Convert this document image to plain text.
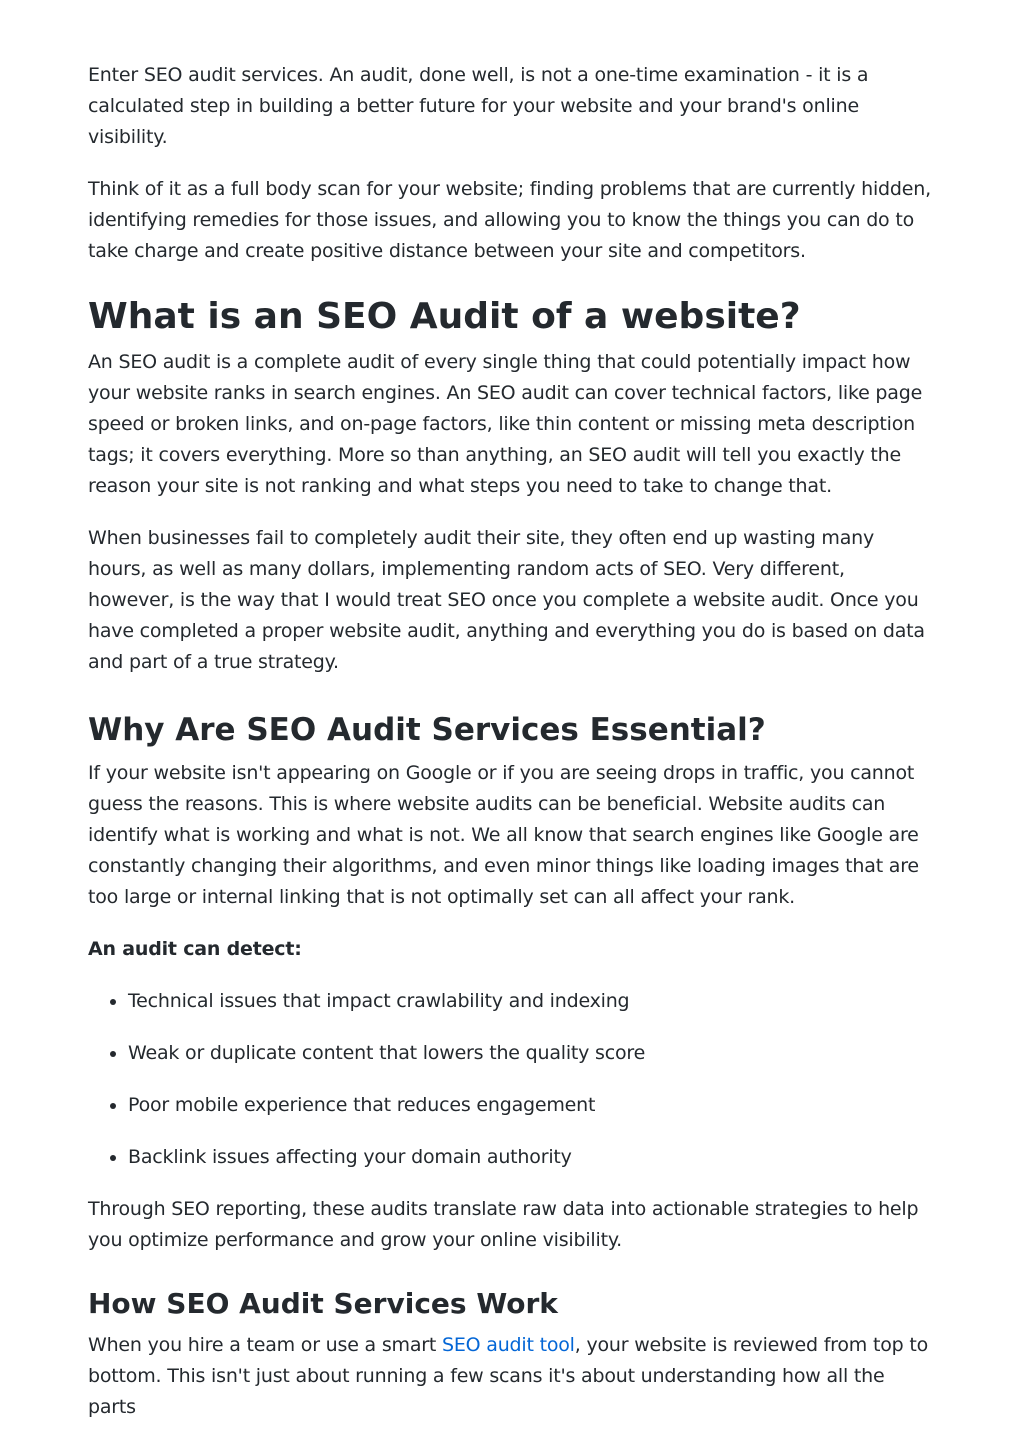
Enter SEO audit services. An audit, done well, is not a one-time examination - it is a calculated step in building a better future for your website and your brand's online visibility.

Think of it as a full body scan for your website; finding problems that are currently hidden, identifying remedies for those issues, and allowing you to know the things you can do to take charge and create positive distance between your site and competitors.

What is an SEO Audit of a website?

An SEO audit is a complete audit of every single thing that could potentially impact how your website ranks in search engines. An SEO audit can cover technical factors, like page speed or broken links, and on-page factors, like thin content or missing meta description tags; it covers everything. More so than anything, an SEO audit will tell you exactly the reason your site is not ranking and what steps you need to take to change that.

When businesses fail to completely audit their site, they often end up wasting many hours, as well as many dollars, implementing random acts of SEO. Very different, however, is the way that I would treat SEO once you complete a website audit. Once you have completed a proper website audit, anything and everything you do is based on data and part of a true strategy.

Why Are SEO Audit Services Essential?

If your website isn't appearing on Google or if you are seeing drops in traffic, you cannot guess the reasons. This is where website audits can be beneficial. Website audits can identify what is working and what is not. We all know that search engines like Google are constantly changing their algorithms, and even minor things like loading images that are too large or internal linking that is not optimally set can all affect your rank.

An audit can detect:

• Technical issues that impact crawlability and indexing
• Weak or duplicate content that lowers the quality score
• Poor mobile experience that reduces engagement
• Backlink issues affecting your domain authority

Through SEO reporting, these audits translate raw data into actionable strategies to help you optimize performance and grow your online visibility.

How SEO Audit Services Work

When you hire a team or use a smart SEO audit tool, your website is reviewed from top to bottom. This isn't just about running a few scans it's about understanding how all the parts
